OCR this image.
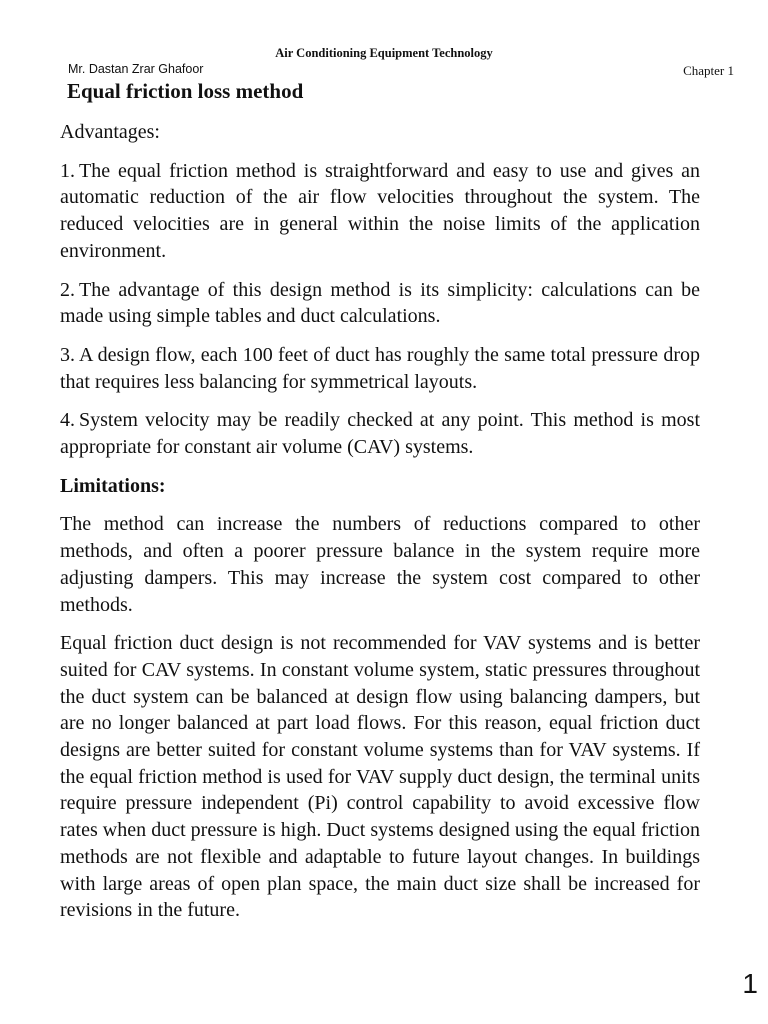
Air Conditioning Equipment Technology
Mr. Dastan Zrar Ghafoor	Chapter 1
Equal friction loss method
Advantages:

1. The equal friction method is straightforward and easy to use and gives an automatic reduction of the air flow velocities throughout the system. The reduced velocities are in general within the noise limits of the application environment.

2. The advantage of this design method is its simplicity: calculations can be made using simple tables and duct calculations.

3. A design flow, each 100 feet of duct has roughly the same total pressure drop that requires less balancing for symmetrical layouts.

4. System velocity may be readily checked at any point. This method is most appropriate for constant air volume (CAV) systems.

Limitations:

The method can increase the numbers of reductions compared to other methods, and often a poorer pressure balance in the system require more adjusting dampers. This may increase the system cost compared to other methods.

Equal friction duct design is not recommended for VAV systems and is better suited for CAV systems. In constant volume system, static pressures throughout the duct system can be balanced at design flow using balancing dampers, but are no longer balanced at part load flows. For this reason, equal friction duct designs are better suited for constant volume systems than for VAV systems. If the equal friction method is used for VAV supply duct design, the terminal units require pressure independent (Pi) control capability to avoid excessive flow rates when duct pressure is high. Duct systems designed using the equal friction methods are not flexible and adaptable to future layout changes. In buildings with large areas of open plan space, the main duct size shall be increased for revisions in the future.

1
